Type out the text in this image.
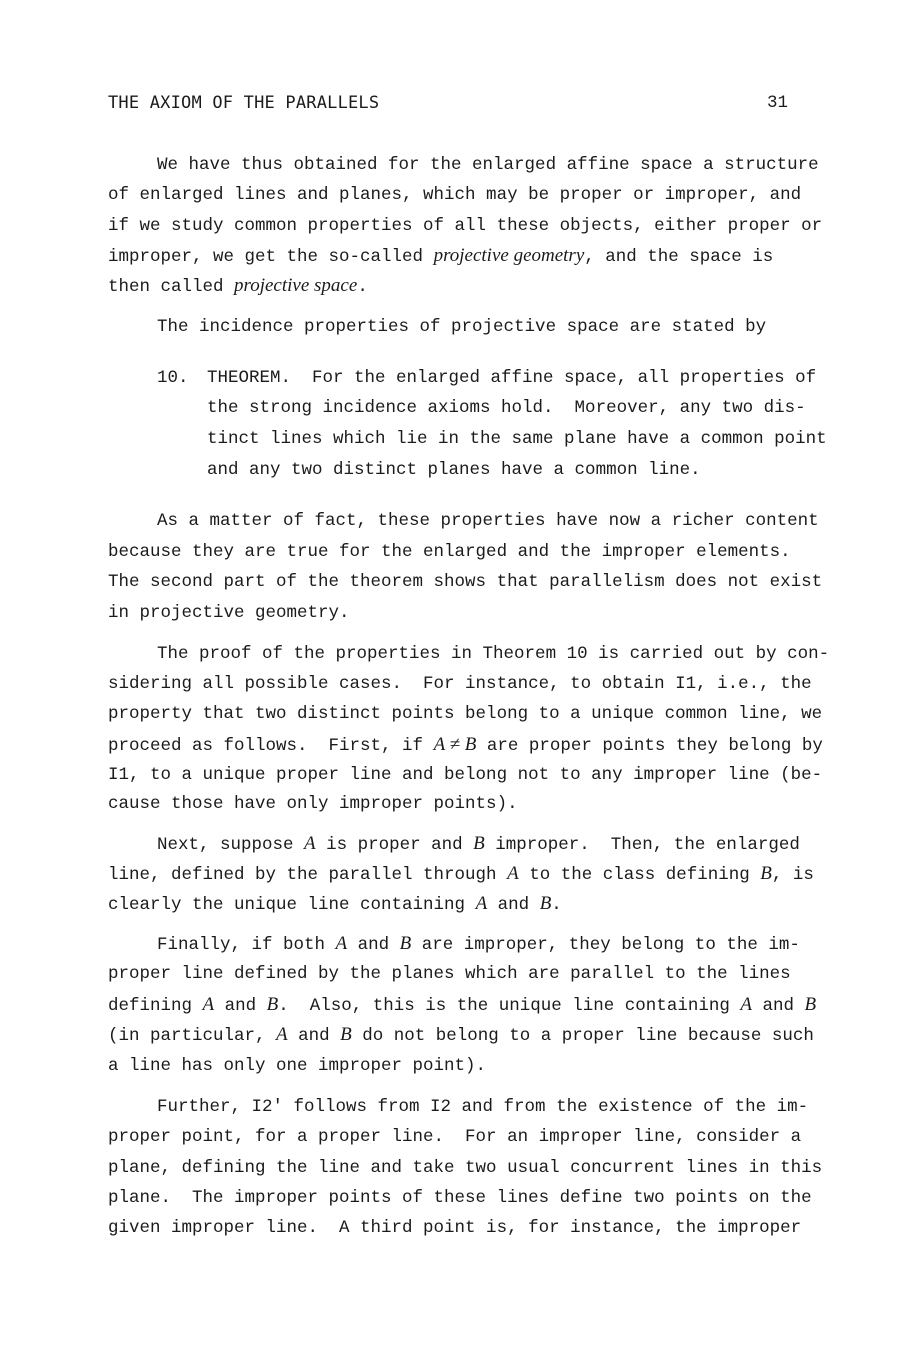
THE AXIOM OF THE PARALLELS	31
We have thus obtained for the enlarged affine space a structure
of enlarged lines and planes, which may be proper or improper, and
if we study common properties of all these objects, either proper or
improper, we get the so-called projective geometry, and the space is
then called projective space.
The incidence properties of projective space are stated by
10. THEOREM.  For the enlarged affine space, all properties of
the strong incidence axioms hold.  Moreover, any two dis-
tinct lines which lie in the same plane have a common point
and any two distinct planes have a common line.
As a matter of fact, these properties have now a richer content
because they are true for the enlarged and the improper elements.
The second part of the theorem shows that parallelism does not exist
in projective geometry.
The proof of the properties in Theorem 10 is carried out by con-
sidering all possible cases.  For instance, to obtain I1, i.e., the
property that two distinct points belong to a unique common line, we
proceed as follows.  First, if A ≠ B are proper points they belong by
I1, to a unique proper line and belong not to any improper line (be-
cause those have only improper points).
Next, suppose A is proper and B improper.  Then, the enlarged
line, defined by the parallel through A to the class defining B, is
clearly the unique line containing A and B.
Finally, if both A and B are improper, they belong to the im-
proper line defined by the planes which are parallel to the lines
defining A and B.  Also, this is the unique line containing A and B
(in particular, A and B do not belong to a proper line because such
a line has only one improper point).
Further, I2' follows from I2 and from the existence of the im-
proper point, for a proper line.  For an improper line, consider a
plane, defining the line and take two usual concurrent lines in this
plane.  The improper points of these lines define two points on the
given improper line.  A third point is, for instance, the improper
